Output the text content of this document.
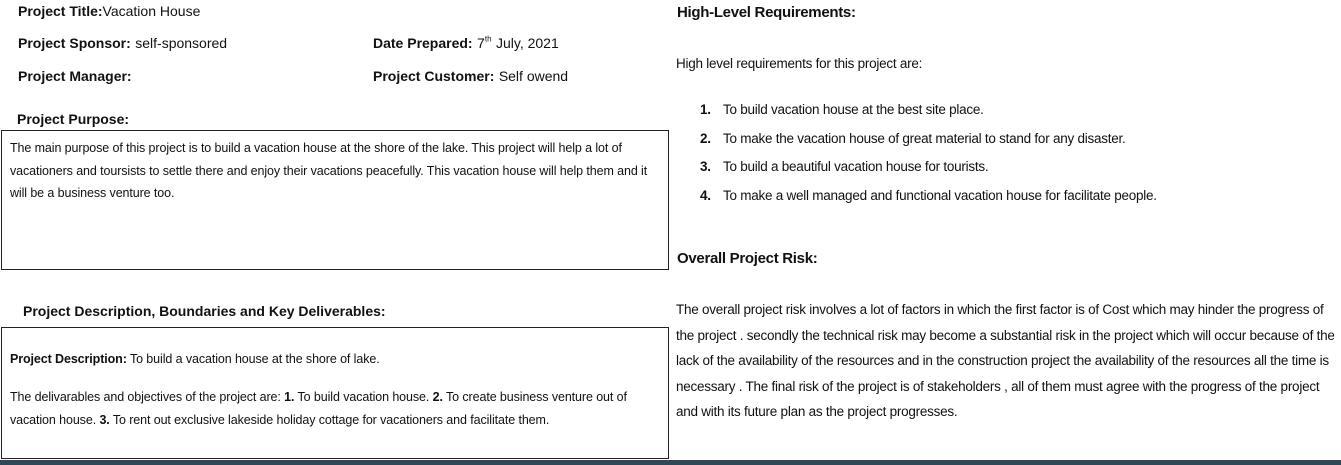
Project Title:Vacation House
Project Sponsor: self-sponsored	Date Prepared: 7th July, 2021
Project Manager:	Project Customer: Self owend
Project Purpose:
The main purpose of this project is to build a vacation house at the shore of the lake. This project will help a lot of vacationers and toursists to settle there and enjoy their vacations peacefully. This vacation house will help them and it will be a business venture too.
Project Description, Boundaries and Key Deliverables:
Project Description: To build a vacation house at the shore of lake.
The delivarables and objectives of the project are: 1. To build vacation house. 2. To create business venture out of vacation house. 3. To rent out exclusive lakeside holiday cottage for vacationers and facilitate them.
High-Level Requirements:
High level requirements for this project are:
1. To build vacation house at the best site place.
2. To make the vacation house of great material to stand for any disaster.
3. To build a beautiful vacation house for tourists.
4. To make a well managed and functional vacation house for facilitate people.
Overall Project Risk:
The overall project risk involves a lot of factors in which the first factor is of Cost which may hinder the progress of the project . secondly the technical risk may become a substantial risk in the project which will occur because of the lack of the availability of the resources and in the construction project the availability of the resources all the time is necessary . The final risk of the project is of stakeholders , all of them must agree with the progress of the project and with its future plan as the project progresses.
